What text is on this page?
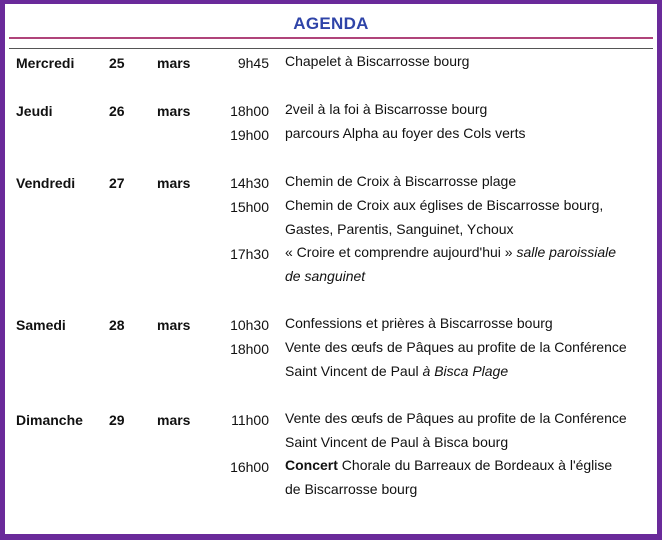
AGENDA
Mercredi 25 mars	9h45 Chapelet à Biscarrosse bourg
Jeudi	26 mars	18h00 2veil à la foi à Biscarrosse bourg
19h00 parcours Alpha au foyer des Cols verts
Vendredi 27 mars	14h30 Chemin de Croix à Biscarrosse plage
15h00 Chemin de Croix aux églises de Biscarrosse bourg, Gastes, Parentis, Sanguinet, Ychoux
17h30 « Croire et comprendre aujourd'hui » salle paroissiale de sanguinet
Samedi	28 mars	10h30 Confessions et prières à Biscarrosse bourg
18h00 Vente des œufs de Pâques au profite de la Conférence Saint Vincent de Paul à Bisca Plage
Dimanche 29 mars	11h00 Vente des œufs de Pâques au profite de la Conférence Saint Vincent de Paul à Bisca bourg
16h00 Concert Chorale du Barreaux de Bordeaux à l'église de Biscarrosse bourg
